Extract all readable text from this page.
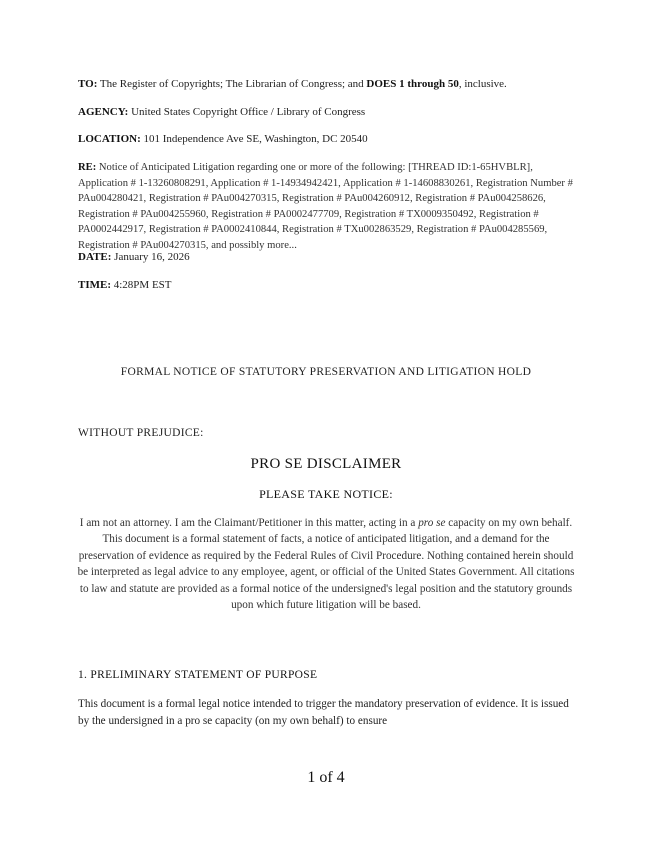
TO: The Register of Copyrights; The Librarian of Congress; and DOES 1 through 50, inclusive.
AGENCY: United States Copyright Office / Library of Congress
LOCATION: 101 Independence Ave SE, Washington, DC 20540
RE: Notice of Anticipated Litigation regarding one or more of the following: [THREAD ID:1-65HVBLR], Application # 1-13260808291, Application # 1-14934942421, Application # 1-14608830261, Registration Number # PAu004280421, Registration # PAu004270315, Registration # PAu004260912, Registration # PAu004258626, Registration # PAu004255960, Registration # PA0002477709, Registration # TX0009350492, Registration # PA0002442917, Registration # PA0002410844, Registration # TXu002863529, Registration # PAu004285569, Registration # PAu004270315, and possibly more...
DATE: January 16, 2026
TIME: 4:28PM EST
FORMAL NOTICE OF STATUTORY PRESERVATION AND LITIGATION HOLD
WITHOUT PREJUDICE:
PRO SE DISCLAIMER
PLEASE TAKE NOTICE:
I am not an attorney. I am the Claimant/Petitioner in this matter, acting in a pro se capacity on my own behalf. This document is a formal statement of facts, a notice of anticipated litigation, and a demand for the preservation of evidence as required by the Federal Rules of Civil Procedure. Nothing contained herein should be interpreted as legal advice to any employee, agent, or official of the United States Government. All citations to law and statute are provided as a formal notice of the undersigned's legal position and the statutory grounds upon which future litigation will be based.
1. PRELIMINARY STATEMENT OF PURPOSE
This document is a formal legal notice intended to trigger the mandatory preservation of evidence. It is issued by the undersigned in a pro se capacity (on my own behalf) to ensure
1 of 4
